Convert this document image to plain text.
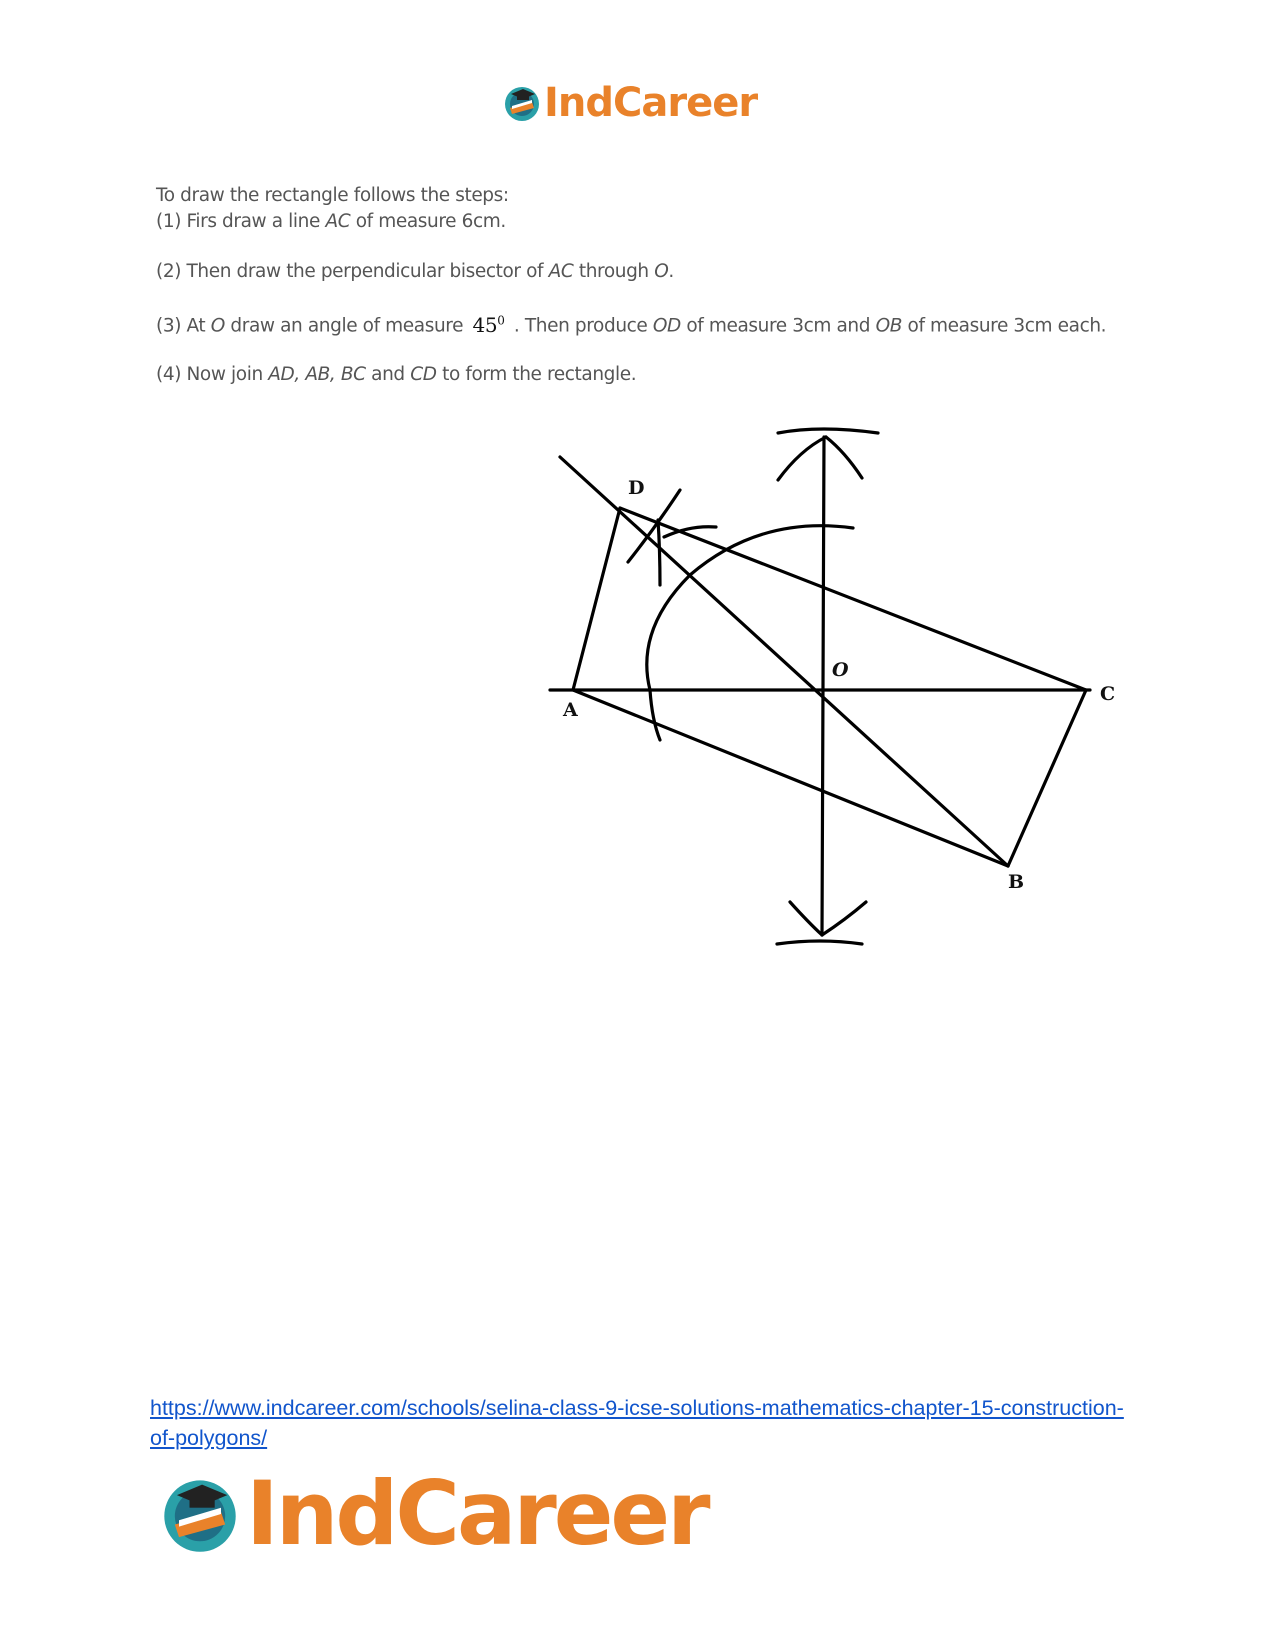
IndCareer

To draw the rectangle follows the steps:

(1) Firs draw a line AC of measure 6cm.

(2) Then draw the perpendicular bisector of AC through O.

(3) At O draw an angle of measure $45^0$ . Then produce OD of measure 3cm and OB of measure 3cm each.

(4) Now join AD, AB, BC and CD to form the rectangle.

D
O
A
C
B
https://www.indcareer.com/schools/selina-class-9-icse-solutions-mathematics-chapter-15-construction-of-polygons/
IndCareer
